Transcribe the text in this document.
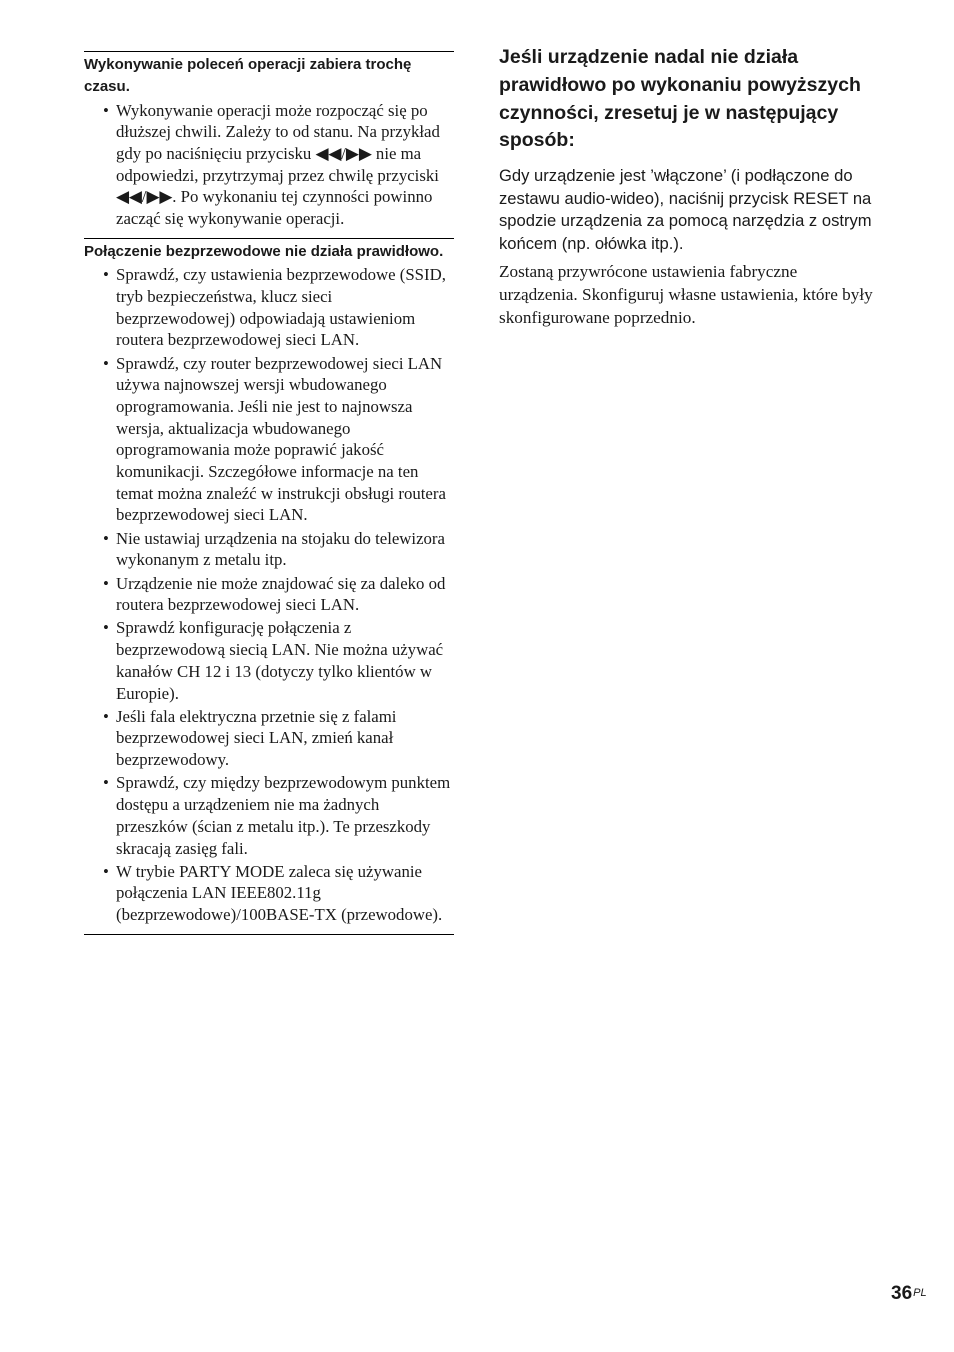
Wykonywanie poleceń operacji zabiera trochę czasu.

• Wykonywanie operacji może rozpocząć się po dłuższej chwili. Zależy to od stanu. Na przykład gdy po naciśnięciu przycisku ◀◀/▶▶ nie ma odpowiedzi, przytrzymaj przez chwilę przyciski ◀◀/▶▶. Po wykonaniu tej czynności powinno zacząć się wykonywanie operacji.

Połączenie bezprzewodowe nie działa prawidłowo.

• Sprawdź, czy ustawienia bezprzewodowe (SSID, tryb bezpieczeństwa, klucz sieci bezprzewodowej) odpowiadają ustawieniom routera bezprzewodowej sieci LAN.
• Sprawdź, czy router bezprzewodowej sieci LAN używa najnowszej wersji wbudowanego oprogramowania. Jeśli nie jest to najnowsza wersja, aktualizacja wbudowanego oprogramowania może poprawić jakość komunikacji. Szczegółowe informacje na ten temat można znaleźć w instrukcji obsługi routera bezprzewodowej sieci LAN.
• Nie ustawiaj urządzenia na stojaku do telewizora wykonanym z metalu itp.
• Urządzenie nie może znajdować się za daleko od routera bezprzewodowej sieci LAN.
• Sprawdź konfigurację połączenia z bezprzewodową siecią LAN. Nie można używać kanałów CH 12 i 13 (dotyczy tylko klientów w Europie).
• Jeśli fala elektryczna przetnie się z falami bezprzewodowej sieci LAN, zmień kanał bezprzewodowy.
• Sprawdź, czy między bezprzewodowym punktem dostępu a urządzeniem nie ma żadnych przeszków (ścian z metalu itp.). Te przeszkody skracają zasięg fali.
• W trybie PARTY MODE zaleca się używanie połączenia LAN IEEE802.11g (bezprzewodowe)/100BASE-TX (przewodowe).
Jeśli urządzenie nadal nie działa prawidłowo po wykonaniu powyższych czynności, zresetuj je w następujący sposób:

Gdy urządzenie jest ’włączone’ (i podłączone do zestawu audio-wideo), naciśnij przycisk RESET na spodzie urządzenia za pomocą narzędzia z ostrym końcem (np. ołówka itp.).

Zostaną przywrócone ustawienia fabryczne urządzenia. Skonfiguruj własne ustawienia, które były skonfigurowane poprzednio.

$36^{PL}$
